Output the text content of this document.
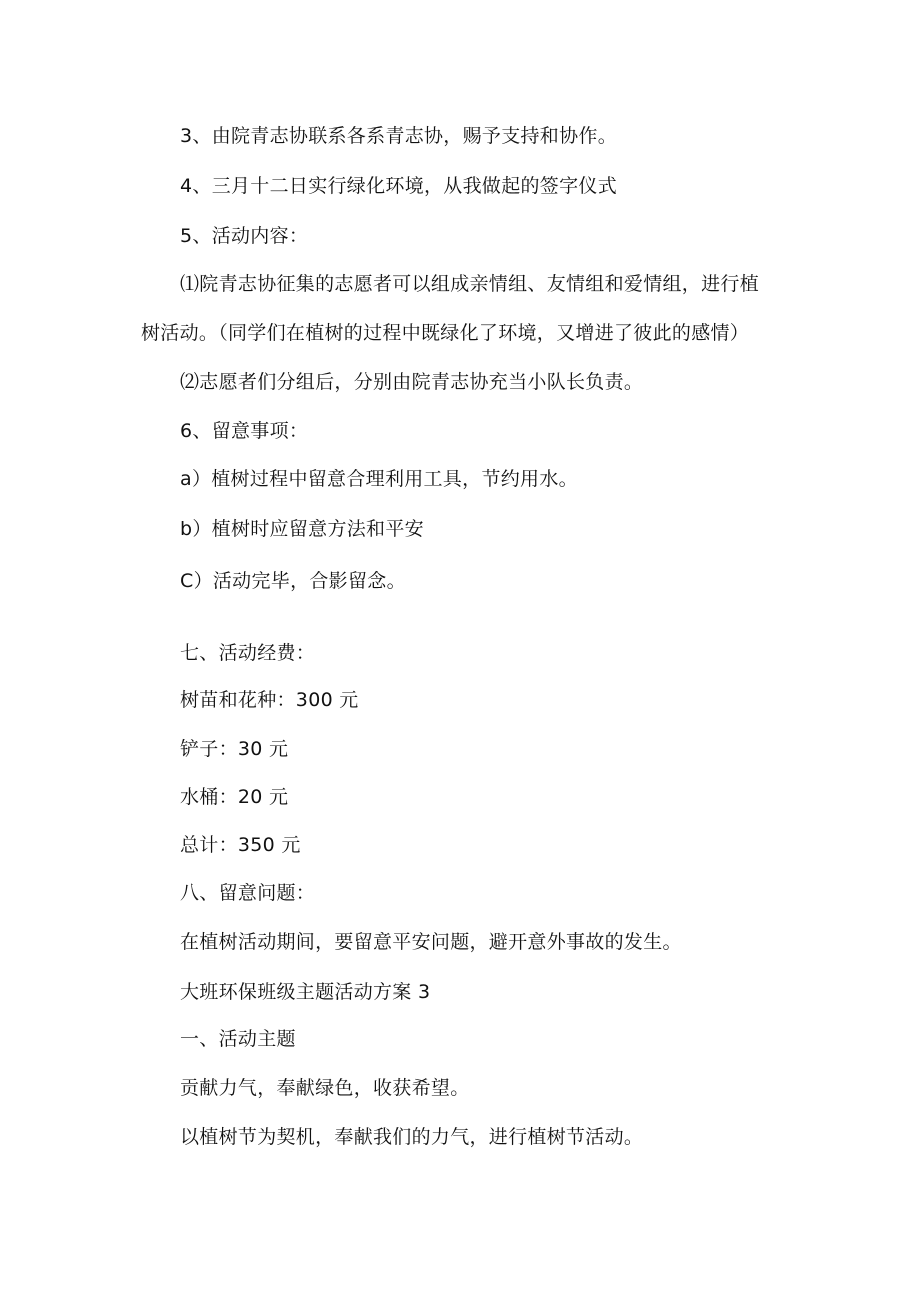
3、由院青志协联系各系青志协，赐予支持和协作。
4、三月十二日实行绿化环境，从我做起的签字仪式
5、活动内容：
⑴院青志协征集的志愿者可以组成亲情组、友情组和爱情组，进行植
树活动。（同学们在植树的过程中既绿化了环境，又增进了彼此的感情）
⑵志愿者们分组后，分别由院青志协充当小队长负责。
6、留意事项：
a）植树过程中留意合理利用工具，节约用水。
b）植树时应留意方法和平安
C）活动完毕，合影留念。
七、活动经费：
树苗和花种：300 元
铲子：30 元
水桶：20 元
总计：350 元
八、留意问题：
在植树活动期间，要留意平安问题，避开意外事故的发生。
大班环保班级主题活动方案 3
一、活动主题
贡献力气，奉献绿色，收获希望。
以植树节为契机，奉献我们的力气，进行植树节活动。
